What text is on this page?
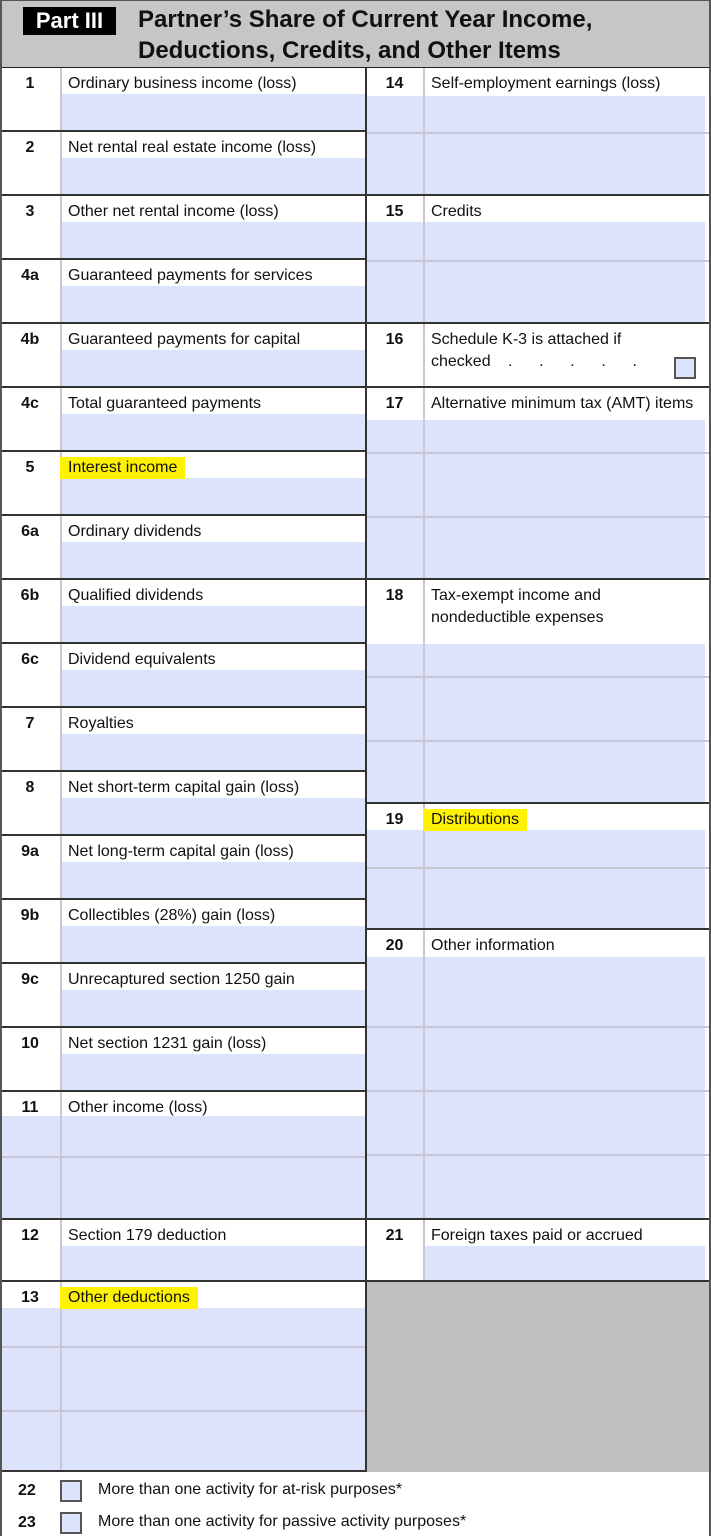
Part III	Partner’s Share of Current Year Income,
Deductions, Credits, and Other Items
1	Ordinary business income (loss)
2	Net rental real estate income (loss)
3	Other net rental income (loss)
4a	Guaranteed payments for services
4b	Guaranteed payments for capital
4c	Total guaranteed payments
5	Interest income
6a	Ordinary dividends
6b	Qualified dividends
6c	Dividend equivalents
7	Royalties
8	Net short-term capital gain (loss)
9a	Net long-term capital gain (loss)
9b	Collectibles (28%) gain (loss)
9c	Unrecaptured section 1250 gain
10	Net section 1231 gain (loss)
11	Other income (loss)
12	Section 179 deduction
13	Other deductions
14	Self-employment earnings (loss)
15	Credits
16	Schedule K-3 is attached if
checked .      .      .      .      .
17	Alternative minimum tax (AMT) items
18	Tax-exempt income and
nondeductible expenses
19	Distributions
20	Other information
21	Foreign taxes paid or accrued
22	More than one activity for at-risk purposes*
23	More than one activity for passive activity purposes*
